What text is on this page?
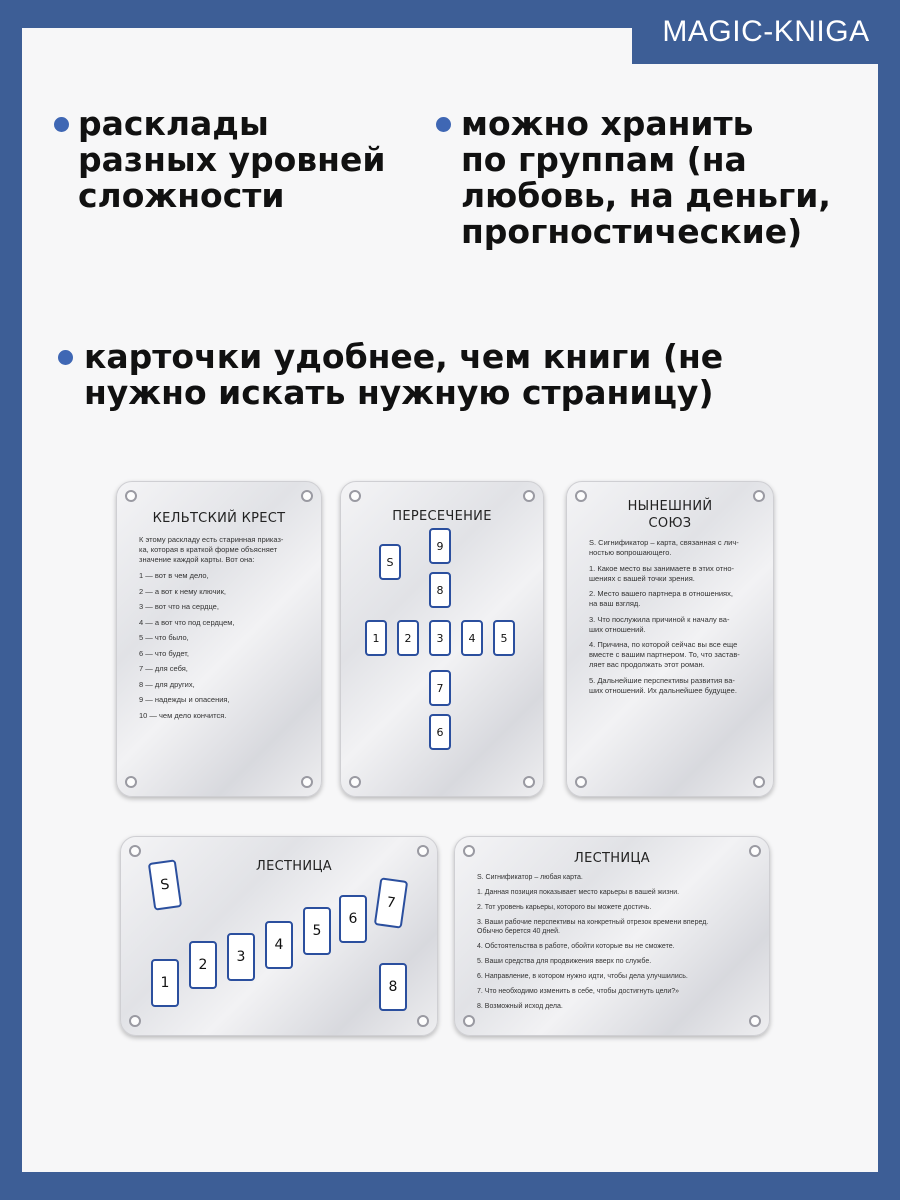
MAGIC-KNIGA
расклады
разных уровней
сложности
можно хранить
по группам (на
любовь, на деньги,
прогностические)
карточки удобнее, чем книги (не
нужно искать нужную страницу)
КЕЛЬТСКИЙ КРЕСТ
К этому раскладу есть старинная приказ-
ка, которая в краткой форме объясняет
значение каждой карты. Вот она:

1 — вот в чем дело,

2 — а вот к нему ключик,

3 — вот что на сердце,

4 — а вот что под сердцем,

5 — что было,

6 — что будет,

7 — для себя,

8 — для других,

9 — надежды и опасения,

10 — чем дело кончится.

ПЕРЕСЕЧЕНИЕ
S
9
8
1	2	3	4	5
7
6
НЫНЕШНИЙ
СОЮЗ

S. Сигнификатор – карта, связанная с лич-
ностью вопрошающего.

1. Какое место вы занимаете в этих отно-
шениях с вашей точки зрения.

2. Место вашего партнера в отношениях,
на ваш взгляд.

3. Что послужила причиной к началу ва-
ших отношений.

4. Причина, по которой сейчас вы все еще
вместе с вашим партнером. То, что застав-
ляет вас продолжать этот роман.

5. Дальнейшие перспективы развития ва-
ших отношений. Их дальнейшее будущее.

ЛЕСТНИЦА
S
1
2	3
4
5
6
7
8
ЛЕСТНИЦА

S. Сигнификатор – любая карта.

1. Данная позиция показывает место карьеры в вашей жизни.

2. Тот уровень карьеры, которого вы можете достичь.

3. Ваши рабочие перспективы на конкретный отрезок времени вперед.
Обычно берется 40 дней.

4. Обстоятельства в работе, обойти которые вы не сможете.

5. Ваши средства для продвижения вверх по службе.

6. Направление, в котором нужно идти, чтобы дела улучшились.

7. Что необходимо изменить в себе, чтобы достигнуть цели?»

8. Возможный исход дела.
